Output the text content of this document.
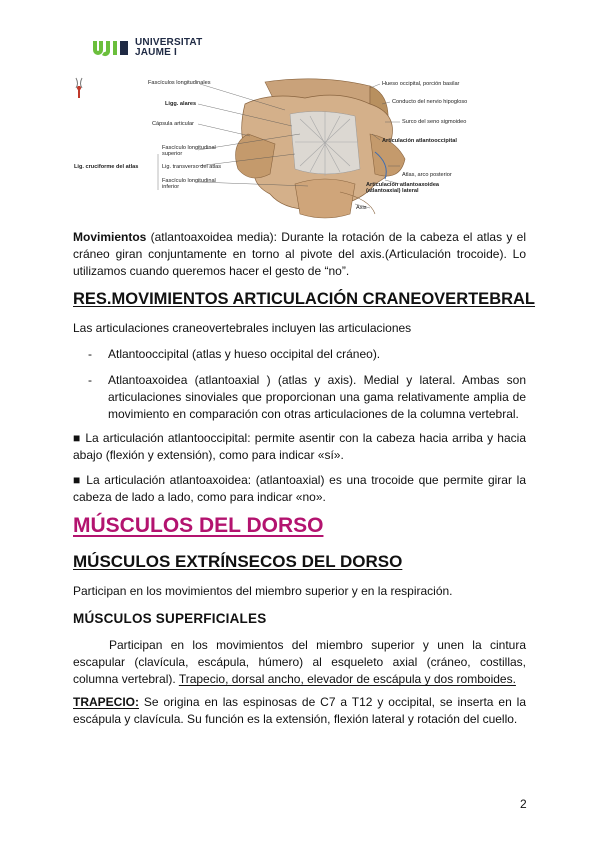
UNIVERSITAT
JAUME I
Fascículos longitudinales
Ligg. alares
Cápsula articular
Fascículo longitudinal
superior
Lig. cruciforme del atlas	Lig. transverso del atlas
Fascículo longitudinal
inferior
Hueso occipital, porción basilar
Conducto del nervio hipogloso
Surco del seno sigmoideo
Articulación atlantooccipital
Atlas, arco posterior
Articulación atlantoaxoidea
(atlantoaxial) lateral
Axis

Movimientos (atlantoaxoidea media): Durante la rotación de la cabeza el atlas y el cráneo giran conjuntamente en torno al pivote del axis.(Articulación trocoide). Lo utilizamos cuando queremos hacer el gesto de “no”.

RES.MOVIMIENTOS ARTICULACIÓN CRANEOVERTEBRAL

Las articulaciones craneovertebrales incluyen las articulaciones

- Atlantooccipital (atlas y hueso occipital del cráneo).

- Atlantoaxoidea (atlantoaxial ) (atlas y axis). Medial y lateral. Ambas son articulaciones sinoviales que proporcionan una gama relativamente amplia de movimiento en comparación con otras articulaciones de la columna vertebral.

■ La articulación atlantooccipital: permite asentir con la cabeza hacia arriba y hacia abajo (flexión y extensión), como para indicar «sí».

■ La articulación atlantoaxoidea: (atlantoaxial) es una trocoide que permite girar la cabeza de lado a lado, como para indicar «no».

MÚSCULOS DEL DORSO
MÚSCULOS EXTRÍNSECOS DEL DORSO

Participan en los movimientos del miembro superior y en la respiración.

MÚSCULOS SUPERFICIALES

Participan en los movimientos del miembro superior y unen la cintura escapular (clavícula, escápula, húmero) al esqueleto axial (cráneo, costillas, columna vertebral). Trapecio, dorsal ancho, elevador de escápula y dos romboides.

TRAPECIO: Se origina en las espinosas de C7 a T12 y occipital, se inserta en la escápula y clavícula. Su función es la extensión, flexión lateral y rotación del cuello.

2
